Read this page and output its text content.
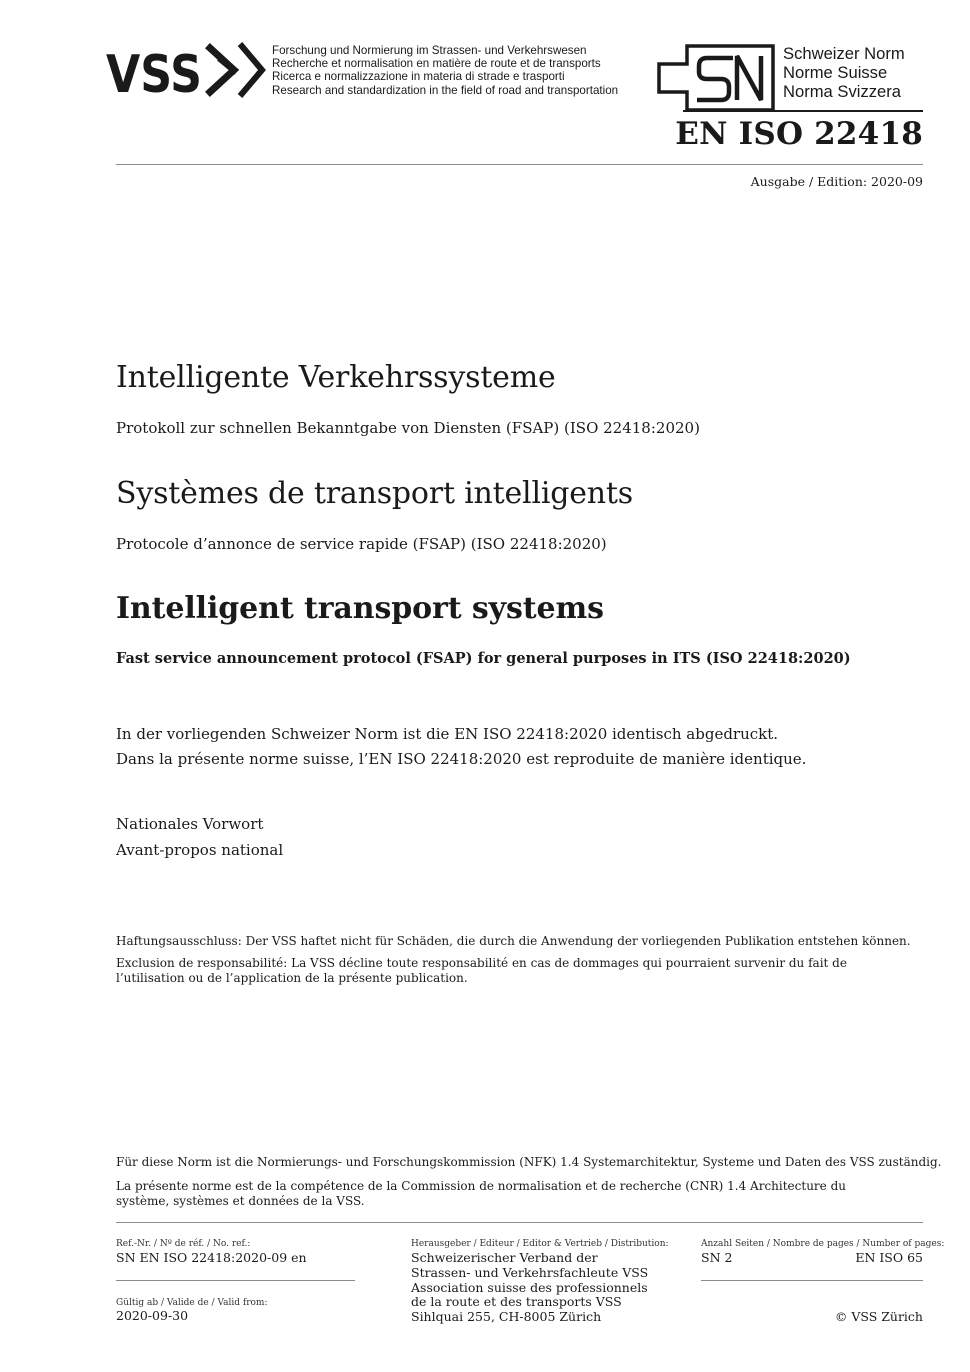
VSS	Forschung und Normierung im Strassen- und Verkehrswesen
Recherche et normalisation en matière de route et de transports
Ricerca e normalizzazione in materia di strade e trasporti
Research and standardization in the field of road and transportation
Schweizer Norm
Norme Suisse
Norma Svizzera
EN ISO 22418
Ausgabe / Edition: 2020-09
Intelligente Verkehrssysteme
Protokoll zur schnellen Bekanntgabe von Diensten (FSAP) (ISO 22418:2020)
Systèmes de transport intelligents
Protocole d’annonce de service rapide (FSAP) (ISO 22418:2020)
Intelligent transport systems
Fast service announcement protocol (FSAP) for general purposes in ITS (ISO 22418:2020)
In der vorliegenden Schweizer Norm ist die EN ISO 22418:2020 identisch abgedruckt.
Dans la présente norme suisse, l’EN ISO 22418:2020 est reproduite de manière identique.
Nationales Vorwort
Avant-propos national
Haftungsausschluss: Der VSS haftet nicht für Schäden, die durch die Anwendung der vorliegenden Publikation entstehen können.
Exclusion de responsabilité: La VSS décline toute responsabilité en cas de dommages qui pourraient survenir du fait de l’utilisation ou de l’application de la présente publication.
Für diese Norm ist die Normierungs- und Forschungskommission (NFK) 1.4 Systemarchitektur, Systeme und Daten des VSS zuständig.
La présente norme est de la compétence de la Commission de normalisation et de recherche (CNR) 1.4 Architecture du système, systèmes et données de la VSS.
Ref.-Nr. / Nº de réf. / No. ref.:
SN EN ISO 22418:2020-09 en
Gültig ab / Valide de / Valid from:
2020-09-30
Herausgeber / Editeur / Editor & Vertrieb / Distribution:
Schweizerischer Verband der
Strassen- und Verkehrsfachleute VSS
Association suisse des professionnels
de la route et des transports VSS
Sihlquai 255, CH-8005 Zürich
Anzahl Seiten / Nombre de pages / Number of pages:
SN 2	EN ISO 65
© VSS Zürich
